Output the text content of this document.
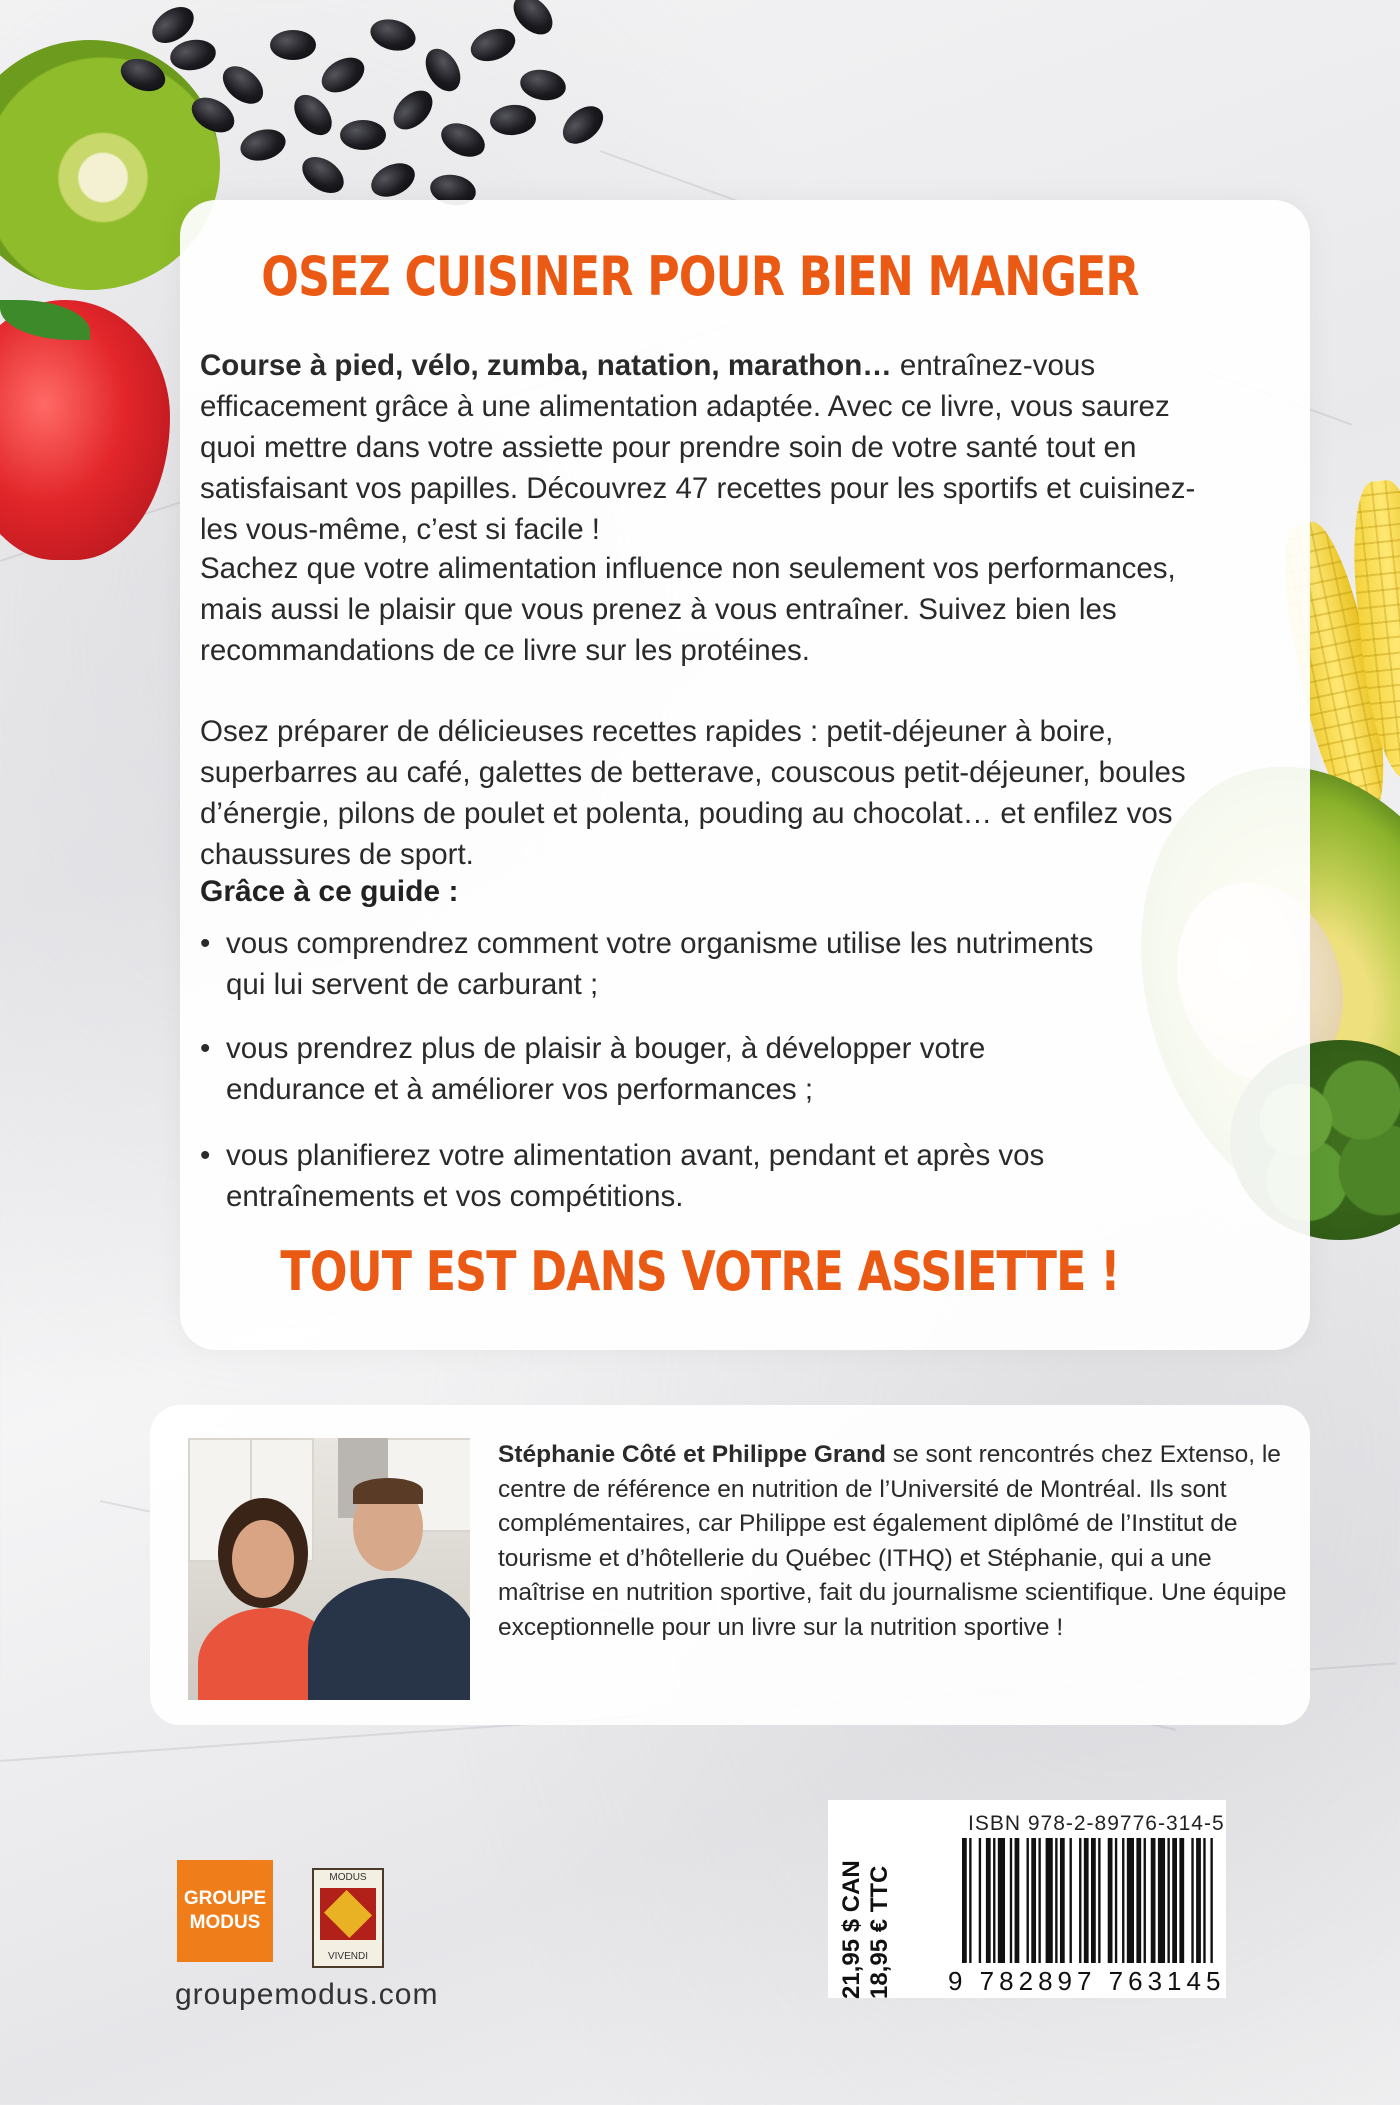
OSEZ CUISINER POUR BIEN MANGER

Course à pied, vélo, zumba, natation, marathon… entraînez-vous efficacement grâce à une alimentation adaptée. Avec ce livre, vous saurez quoi mettre dans votre assiette pour prendre soin de votre santé tout en satisfaisant vos papilles. Découvrez 47 recettes pour les sportifs et cuisinez-les vous-même, c’est si facile !

Sachez que votre alimentation influence non seulement vos performances, mais aussi le plaisir que vous prenez à vous entraîner. Suivez bien les recommandations de ce livre sur les protéines.

Osez préparer de délicieuses recettes rapides : petit-déjeuner à boire, superbarres au café, galettes de betterave, couscous petit-déjeuner, boules d’énergie, pilons de poulet et polenta, pouding au chocolat… et enfilez vos chaussures de sport.

Grâce à ce guide :

• vous comprendrez comment votre organisme utilise les nutriments qui lui servent de carburant ;
• vous prendrez plus de plaisir à bouger, à développer votre endurance et à améliorer vos performances ;
• vous planifierez votre alimentation avant, pendant et après vos entraînements et vos compétitions.
TOUT EST DANS VOTRE ASSIETTE !

Stéphanie Côté et Philippe Grand se sont rencontrés chez Extenso, le centre de référence en nutrition de l’Université de Montréal. Ils sont complémentaires, car Philippe est également diplômé de l’Institut de tourisme et d’hôtellerie du Québec (ITHQ) et Stéphanie, qui a une maîtrise en nutrition sportive, fait du journalisme scientifique. Une équipe exceptionnelle pour un livre sur la nutrition sportive !

GROUPE
MODUS
MODUS
VIVENDI

groupemodus.com	21,95 $ CAN 18,95 € TTC

ISBN 978-2-89776-314-5

9 782897 763145
